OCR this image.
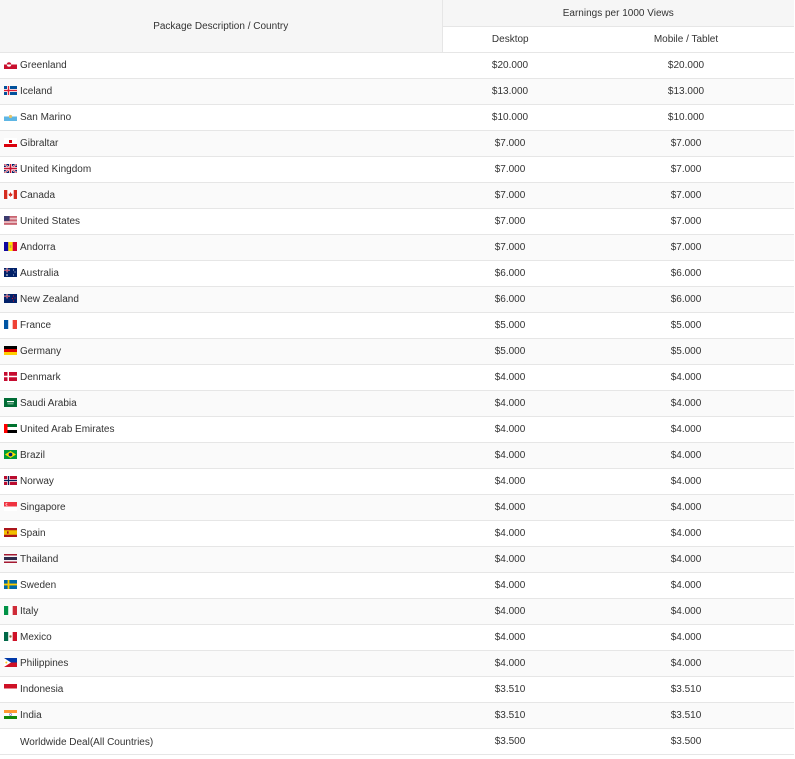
Package Description / Country	Earnings per 1000 Views	
	Desktop	Mobile / Tablet

Greenland	$20.000	$20.000

Iceland	$13.000	$13.000

San Marino	$10.000	$10.000

Gibraltar	$7.000	$7.000

United Kingdom	$7.000	$7.000

Canada	$7.000	$7.000

United States	$7.000	$7.000

Andorra	$7.000	$7.000

Australia	$6.000	$6.000

New Zealand	$6.000	$6.000

France	$5.000	$5.000

Germany	$5.000	$5.000

Denmark	$4.000	$4.000

Saudi Arabia	$4.000	$4.000

United Arab Emirates	$4.000	$4.000

Brazil	$4.000	$4.000

Norway	$4.000	$4.000

Singapore	$4.000	$4.000

Spain	$4.000	$4.000

Thailand	$4.000	$4.000

Sweden	$4.000	$4.000

Italy	$4.000	$4.000

Mexico	$4.000	$4.000

Philippines	$4.000	$4.000

Indonesia	$3.510	$3.510

India	$3.510	$3.510
Worldwide Deal(All Countries)	$3.500	$3.500
